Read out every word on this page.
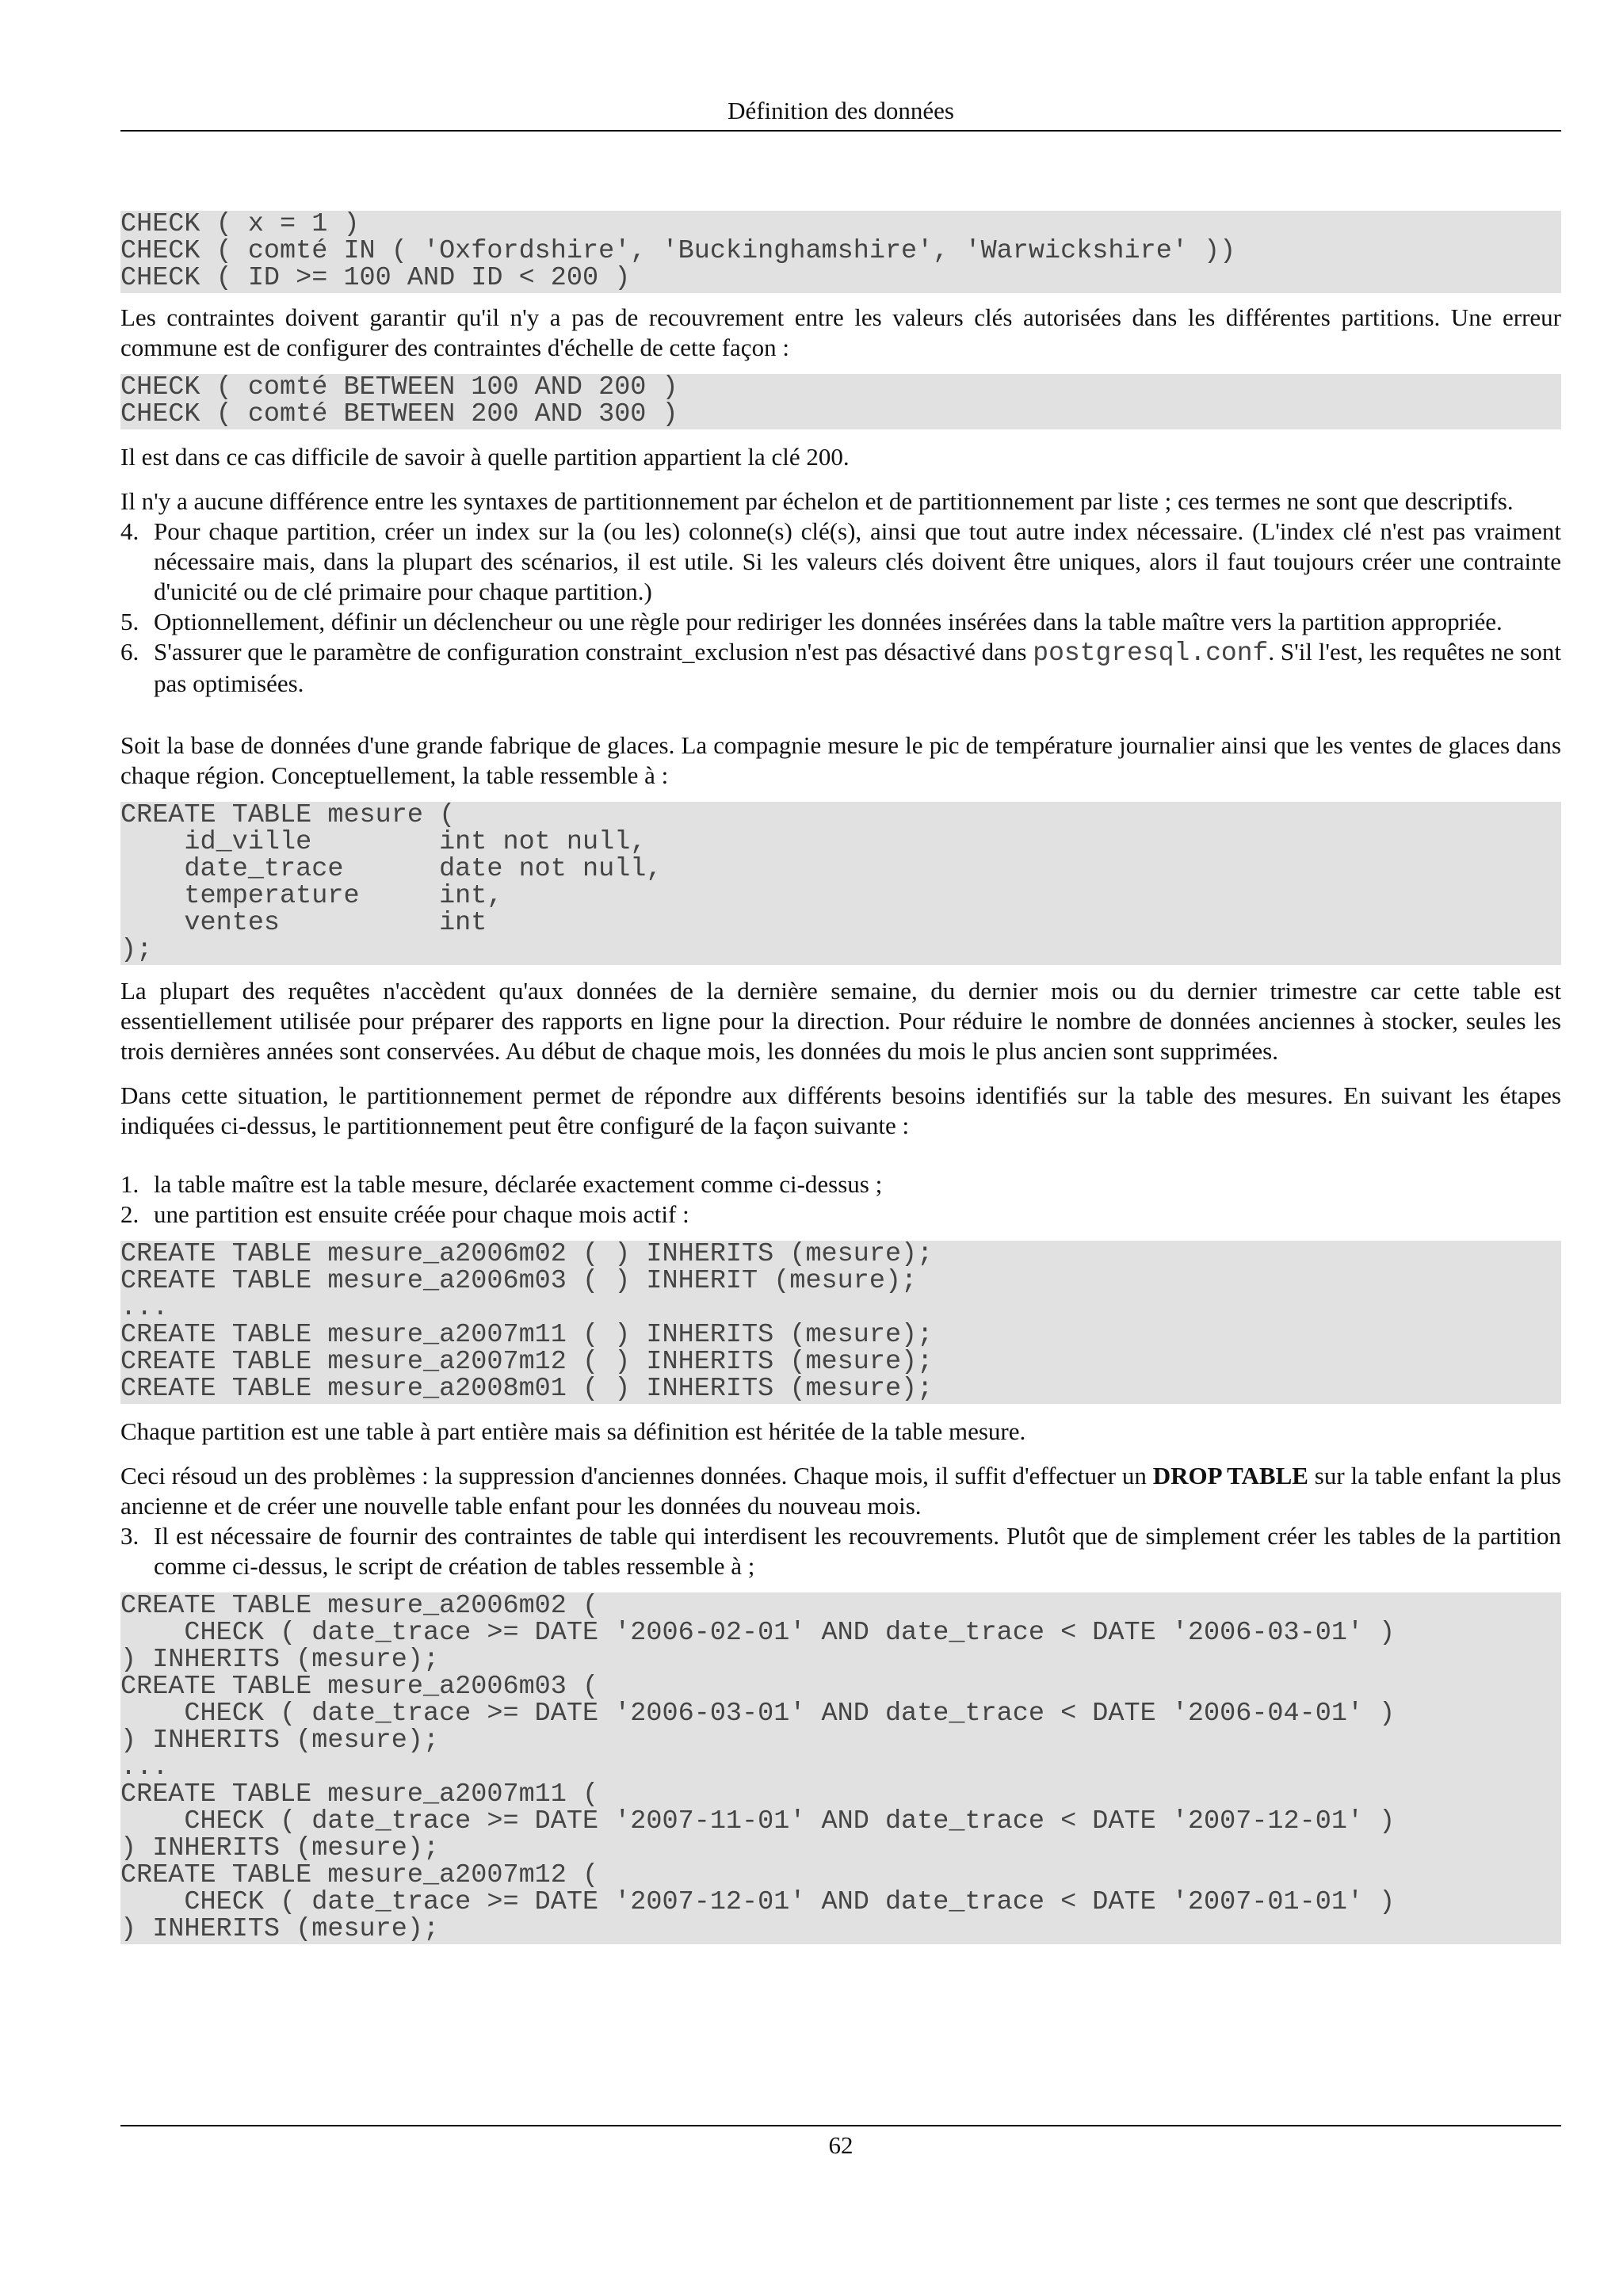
Définition des données
CHECK ( x = 1 )
CHECK ( comté IN ( 'Oxfordshire', 'Buckinghamshire', 'Warwickshire' ))
CHECK ( ID >= 100 AND ID < 200 )

Les contraintes doivent garantir qu'il n'y a pas de recouvrement entre les valeurs clés autorisées dans les différentes partitions. Une erreur commune est de configurer des contraintes d'échelle de cette façon :

CHECK ( comté BETWEEN 100 AND 200 )
CHECK ( comté BETWEEN 200 AND 300 )

Il est dans ce cas difficile de savoir à quelle partition appartient la clé 200.

Il n'y a aucune différence entre les syntaxes de partitionnement par échelon et de partitionnement par liste ; ces termes ne sont que descriptifs.

4. Pour chaque partition, créer un index sur la (ou les) colonne(s) clé(s), ainsi que tout autre index nécessaire. (L'index clé n'est pas vraiment nécessaire mais, dans la plupart des scénarios, il est utile. Si les valeurs clés doivent être uniques, alors il faut toujours créer une contrainte d'unicité ou de clé primaire pour chaque partition.)
5. Optionnellement, définir un déclencheur ou une règle pour rediriger les données insérées dans la table maître vers la partition appropriée.
6. S'assurer que le paramètre de configuration constraint_exclusion n'est pas désactivé dans postgresql.conf. S'il l'est, les requêtes ne sont pas optimisées.

Soit la base de données d'une grande fabrique de glaces. La compagnie mesure le pic de température journalier ainsi que les ventes de glaces dans chaque région. Conceptuellement, la table ressemble à :

CREATE TABLE mesure (
id_ville        int not null,
date_trace      date not null,
temperature     int,
ventes          int
);

La plupart des requêtes n'accèdent qu'aux données de la dernière semaine, du dernier mois ou du dernier trimestre car cette table est essentiellement utilisée pour préparer des rapports en ligne pour la direction. Pour réduire le nombre de données anciennes à stocker, seules les trois dernières années sont conservées. Au début de chaque mois, les données du mois le plus ancien sont supprimées.

Dans cette situation, le partitionnement permet de répondre aux différents besoins identifiés sur la table des mesures. En suivant les étapes indiquées ci-dessus, le partitionnement peut être configuré de la façon suivante :

1. la table maître est la table mesure, déclarée exactement comme ci-dessus ;
2. une partition est ensuite créée pour chaque mois actif :
CREATE TABLE mesure_a2006m02 ( ) INHERITS (mesure);
CREATE TABLE mesure_a2006m03 ( ) INHERIT (mesure);
...
CREATE TABLE mesure_a2007m11 ( ) INHERITS (mesure);
CREATE TABLE mesure_a2007m12 ( ) INHERITS (mesure);
CREATE TABLE mesure_a2008m01 ( ) INHERITS (mesure);

Chaque partition est une table à part entière mais sa définition est héritée de la table mesure.

Ceci résoud un des problèmes : la suppression d'anciennes données. Chaque mois, il suffit d'effectuer un DROP TABLE sur la table enfant la plus ancienne et de créer une nouvelle table enfant pour les données du nouveau mois.

3. Il est nécessaire de fournir des contraintes de table qui interdisent les recouvrements. Plutôt que de simplement créer les tables de la partition comme ci-dessus, le script de création de tables ressemble à ;
CREATE TABLE mesure_a2006m02 (
CHECK ( date_trace >= DATE '2006-02-01' AND date_trace < DATE '2006-03-01' )
) INHERITS (mesure);
CREATE TABLE mesure_a2006m03 (
CHECK ( date_trace >= DATE '2006-03-01' AND date_trace < DATE '2006-04-01' )
) INHERITS (mesure);
...
CREATE TABLE mesure_a2007m11 (
CHECK ( date_trace >= DATE '2007-11-01' AND date_trace < DATE '2007-12-01' )
) INHERITS (mesure);
CREATE TABLE mesure_a2007m12 (
CHECK ( date_trace >= DATE '2007-12-01' AND date_trace < DATE '2007-01-01' )
) INHERITS (mesure);
62
